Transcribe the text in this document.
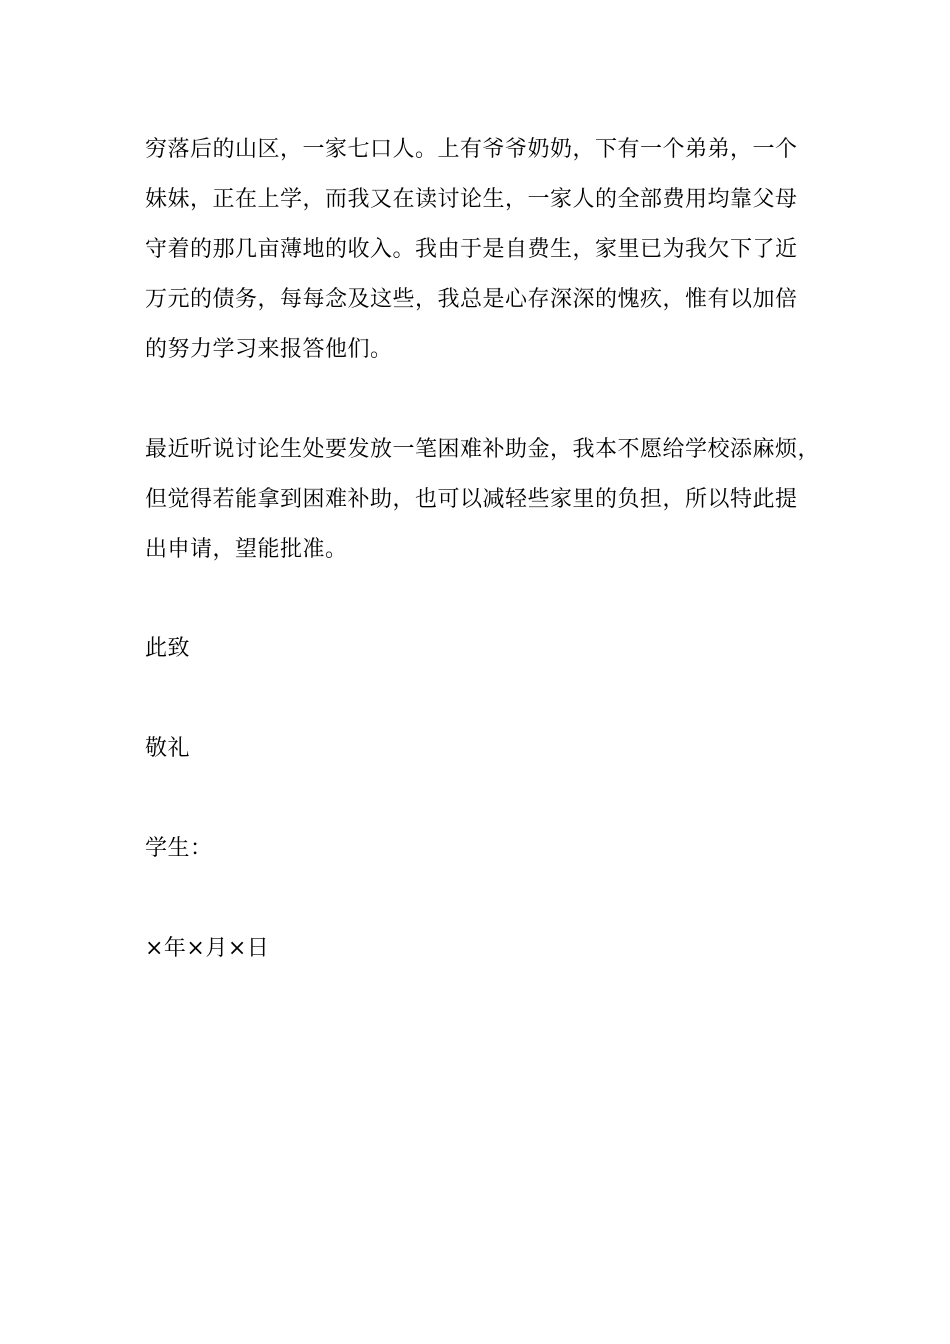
穷落后的山区，一家七口人。上有爷爷奶奶，下有一个弟弟，一个
妹妹，正在上学，而我又在读讨论生，一家人的全部费用均靠父母
守着的那几亩薄地的收入。我由于是自费生，家里已为我欠下了近
万元的债务，每每念及这些，我总是心存深深的愧疚，惟有以加倍
的努力学习来报答他们。
最近听说讨论生处要发放一笔困难补助金，我本不愿给学校添麻烦，
但觉得若能拿到困难补助，也可以减轻些家里的负担，所以特此提
出申请，望能批准。
此致
敬礼
学生：
×年×月×日
